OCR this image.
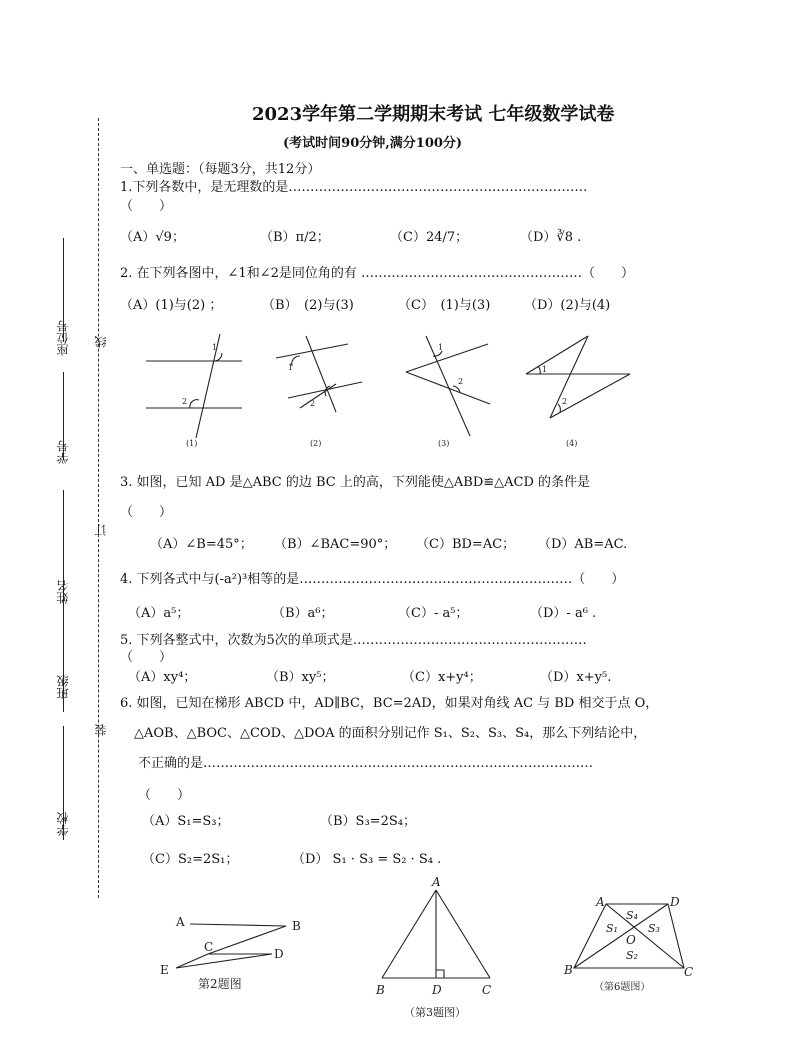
2023学年第二学期期末考试 七年级数学试卷
(考试时间90分钟,满分100分)
线
订
装
座位号
学号
姓名
班级
学校
一、单选题：（每题3分，共12分）
1.下列各数中，是无理数的是……………………………………………………………
（　　）
（A）√9；	（B）π/2；	（C）24/7；	（D）∛8 .
2. 在下列各图中，∠1和∠2是同位角的有 ……………………………………………（　　）
（A）(1)与(2) ；	（B）　(2)与(3)	（C）　(1)与(3)	（D）(2)与(4)
1
2
1
2
1
2
1
2
(1)	(2)	(3)	(4)
3. 如图，已知 AD 是△ABC 的边 BC 上的高，下列能使△ABD≌△ACD 的条件是
（　　）
（A）∠B=45°； （B）∠BAC=90°； （C）BD=AC； （D）AB=AC.
4. 下列各式中与(-a²)³相等的是………………………………………………………（　　）
（A）a⁵；	（B）a⁶；	（C）- a⁵；	（D）- a⁶ .
5. 下列各整式中，次数为5次的单项式是………………………………………………
（　　）
（A）xy⁴；	（B）xy⁵；	（C）x+y⁴；	（D）x+y⁵.
6. 如图，已知在梯形 ABCD 中，AD∥BC，BC=2AD，如果对角线 AC 与 BD 相交于点 O，
△AOB、△BOC、△COD、△DOA 的面积分别记作 S₁、S₂、S₃、S₄，那么下列结论中，
不正确的是………………………………………………………………………………
（　　）
（A）S₁=S₃；	（B）S₃=2S₄；
（C）S₂=2S₁；	（D） S₁ · S₃ = S₂ · S₄ .
A	B
C	D
E
第2题图
A
B	D	C
（第3题图）
A	D
B	C
O
S₁
S₂
S₃
S₄
（第6题图）
